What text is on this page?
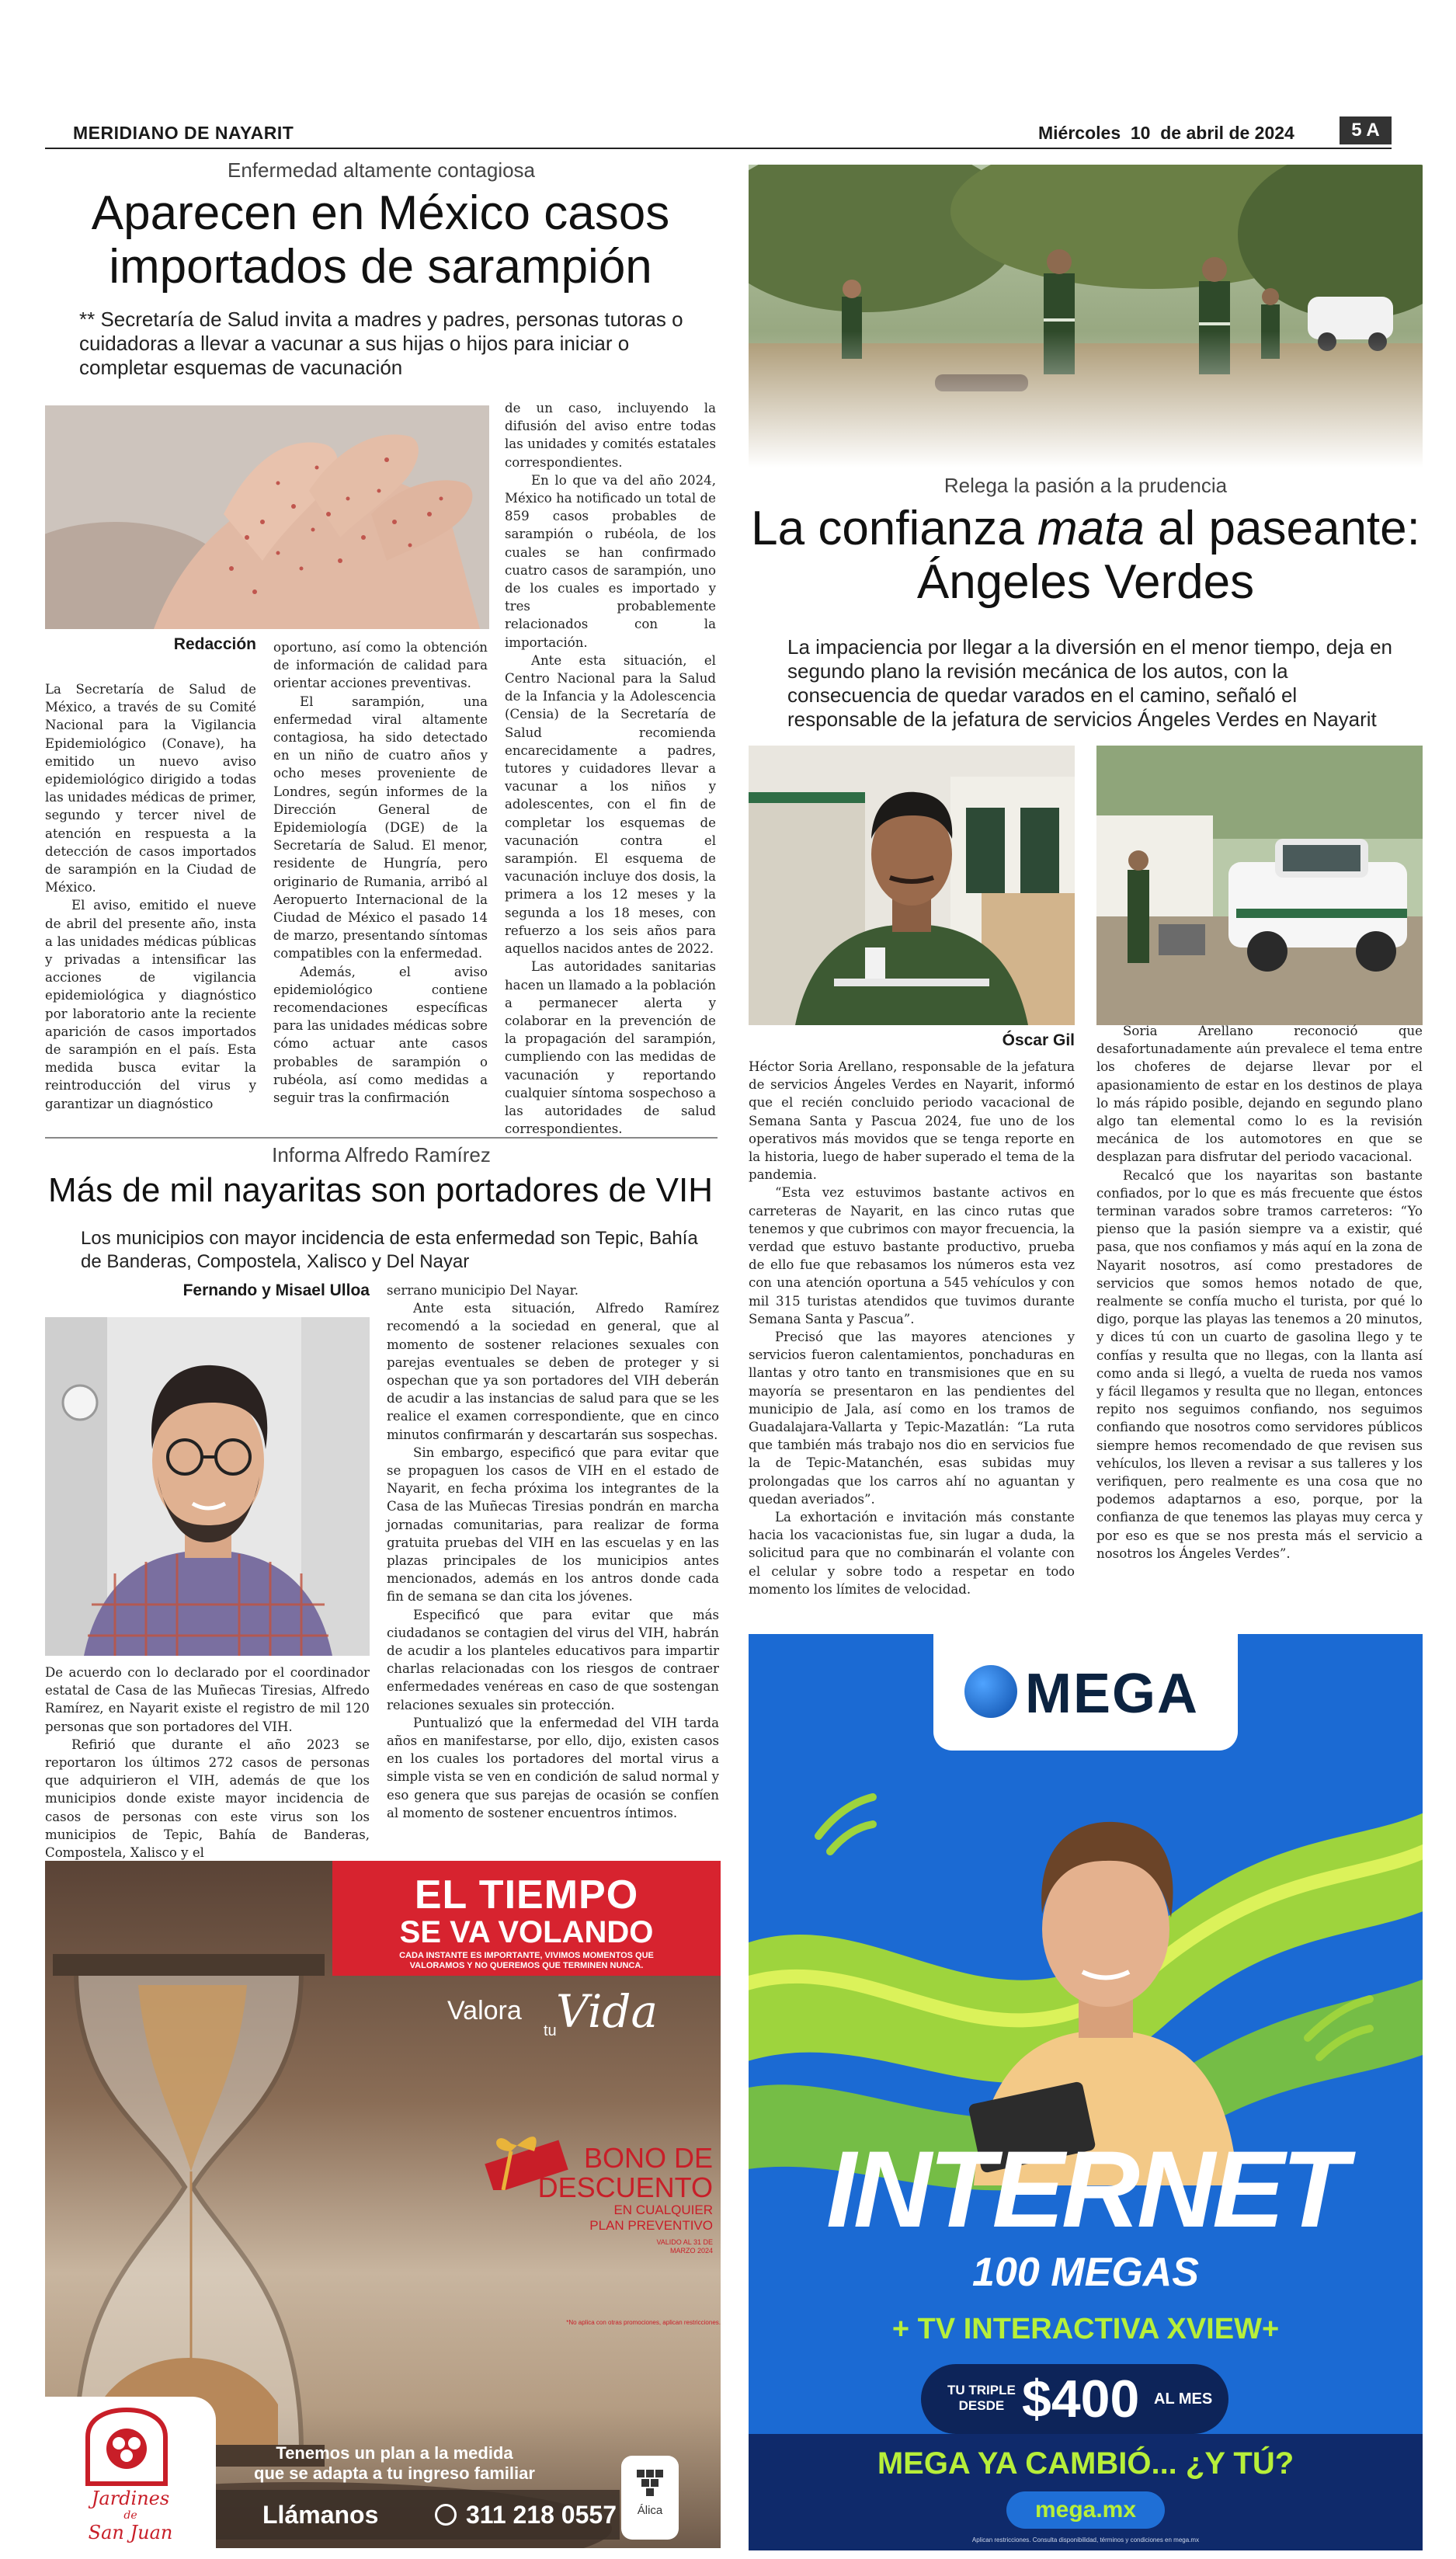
MERIDIANO DE NAYARIT	Miércoles  10  de abril de 2024	5 A
Enfermedad altamente contagiosa
Aparecen en México casos importados de sarampión
** Secretaría de Salud invita a madres y padres, personas tutoras o cuidadoras a llevar a vacunar a sus hijas o hijos para iniciar o completar esquemas de vacunación
Redacción

La Secretaría de Salud de México, a través de su Comité Nacional para la Vigilancia Epidemiológico (Conave), ha emitido un nuevo aviso epidemiológico dirigido a todas las unidades médicas de primer, segundo y tercer nivel de atención en respuesta a la detección de casos importados de sarampión en la Ciudad de México.

El aviso, emitido el nueve de abril del presente año, insta a las unidades médicas públicas y privadas a intensificar las acciones de vigilancia epidemiológica y diagnóstico por laboratorio ante la reciente aparición de casos importados de sarampión en el país. Esta medida busca evitar la reintroducción del virus y garantizar un diagnóstico

oportuno, así como la obtención de información de calidad para orientar acciones preventivas.

El sarampión, una enfermedad viral altamente contagiosa, ha sido detectado en un niño de cuatro años y ocho meses proveniente de Londres, según informes de la Dirección General de Epidemiología (DGE) de la Secretaría de Salud. El menor, residente de Hungría, pero originario de Rumania, arribó al Aeropuerto Internacional de la Ciudad de México el pasado 14 de marzo, presentando síntomas compatibles con la enfermedad.

Además, el aviso epidemiológico contiene recomendaciones específicas para las unidades médicas sobre cómo actuar ante casos probables de sarampión o rubéola, así como medidas a seguir tras la confirmación

de un caso, incluyendo la difusión del aviso entre todas las unidades y comités estatales correspondientes.

En lo que va del año 2024, México ha notificado un total de 859 casos probables de sarampión o rubéola, de los cuales se han confirmado cuatro casos de sarampión, uno de los cuales es importado y tres probablemente relacionados con la importación.

Ante esta situación, el Centro Nacional para la Salud de la Infancia y la Adolescencia (Censia) de la Secretaría de Salud recomienda encarecidamente a padres, tutores y cuidadores llevar a vacunar a los niños y adolescentes, con el fin de completar los esquemas de vacunación contra el sarampión. El esquema de vacunación incluye dos dosis, la primera a los 12 meses y la segunda a los 18 meses, con refuerzo a los seis años para aquellos nacidos antes de 2022.

Las autoridades sanitarias hacen un llamado a la población a permanecer alerta y colaborar en la prevención de la propagación del sarampión, cumpliendo con las medidas de vacunación y reportando cualquier síntoma sospechoso a las autoridades de salud correspondientes.

Informa Alfredo Ramírez
Más de mil nayaritas son portadores de VIH
Los municipios con mayor incidencia de esta enfermedad son Tepic, Bahía de Banderas, Compostela, Xalisco y Del Nayar
Fernando y Misael Ulloa

De acuerdo con lo declarado por el coordinador estatal de Casa de las Muñecas Tiresias, Alfredo Ramírez, en Nayarit existe el registro de mil 120 personas que son portadores del VIH.

Refirió que durante el año 2023 se reportaron los últimos 272 casos de personas que adquirieron el VIH, además de que los municipios donde existe mayor incidencia de casos de personas con este virus son los municipios de Tepic, Bahía de Banderas, Compostela, Xalisco y el

serrano municipio Del Nayar.

Ante esta situación, Alfredo Ramírez recomendó a la sociedad en general, que al momento de sostener relaciones sexuales con parejas eventuales se deben de proteger y si ospechan que ya son portadores del VIH deberán de acudir a las instancias de salud para que se les realice el examen correspondiente, que en cinco minutos confirmarán y descartarán sus sospechas.

Sin embargo, especificó que para evitar que se propaguen los casos de VIH en el estado de Nayarit, en fecha próxima los integrantes de la Casa de las Muñecas Tiresias pondrán en marcha jornadas comunitarias, para realizar de forma gratuita pruebas del VIH en las escuelas y en las plazas principales de los municipios antes mencionados, además en los antros donde cada fin de semana se dan cita los jóvenes.

Especificó que para evitar que más ciudadanos se contagien del virus del VIH, habrán de acudir a los planteles educativos para impartir charlas relacionadas con los riesgos de contraer enfermedades venéreas en caso de que sostengan relaciones sexuales sin protección.

Puntualizó que la enfermedad del VIH tarda años en manifestarse, por ello, dijo, existen casos en los cuales los portadores del mortal virus a simple vista se ven en condición de salud normal y eso genera que sus parejas de ocasión se confíen al momento de sostener encuentros íntimos.

Relega la pasión a la prudencia
La confianza mata al paseante: Ángeles Verdes
La impaciencia por llegar a la diversión en el menor tiempo, deja en segundo plano la revisión mecánica de los autos, con la consecuencia de quedar varados en el camino, señaló el responsable de la jefatura de servicios Ángeles Verdes en Nayarit
Óscar Gil

Héctor Soria Arellano, responsable de la jefatura de servicios Ángeles Verdes en Nayarit, informó que el recién concluido periodo vacacional de Semana Santa y Pascua 2024, fue uno de los operativos más movidos que se tenga reporte en la historia, luego de haber superado el tema de la pandemia.

“Esta vez estuvimos bastante activos en carreteras de Nayarit, en las cinco rutas que tenemos y que cubrimos con mayor frecuencia, la verdad que estuvo bastante productivo, prueba de ello fue que rebasamos los números esta vez con una atención oportuna a 545 vehículos y con mil 315 turistas atendidos que tuvimos durante Semana Santa y Pascua”.

Precisó que las mayores atenciones y servicios fueron calentamientos, ponchaduras en llantas y otro tanto en transmisiones que en su mayoría se presentaron en las pendientes del municipio de Jala, así como en los tramos de Guadalajara-Vallarta y Tepic-Mazatlán: “La ruta que también más trabajo nos dio en servicios fue la de Tepic-Matanchén, esas subidas muy prolongadas que los carros ahí no aguantan y quedan averiados”.

La exhortación e invitación más constante hacia los vacacionistas fue, sin lugar a duda, la solicitud para que no combinarán el volante con el celular y sobre todo a respetar en todo momento los límites de velocidad.

Soria Arellano reconoció que desafortunadamente aún prevalece el tema entre los choferes de dejarse llevar por el apasionamiento de estar en los destinos de playa lo más rápido posible, dejando en segundo plano algo tan elemental como lo es la revisión mecánica de los automotores en que se desplazan para disfrutar del periodo vacacional.

Recalcó que los nayaritas son bastante confiados, por lo que es más frecuente que éstos terminan varados sobre tramos carreteros: “Yo pienso que la pasión siempre va a existir, qué pasa, que nos confiamos y más aquí en la zona de Nayarit nosotros, así como prestadores de servicios que somos hemos notado de que, realmente se confía mucho el turista, por qué lo digo, porque las playas las tenemos a 20 minutos, y dices tú con un cuarto de gasolina llego y te confías y resulta que no llegas, con la llanta así como anda si llegó, a vuelta de rueda nos vamos y fácil llegamos y resulta que no llegan, entonces repito nos seguimos confiando, nos seguimos confiando que nosotros como servidores públicos siempre hemos recomendado de que revisen sus vehículos, los lleven a revisar a sus talleres y los verifiquen, pero realmente es una cosa que no podemos adaptarnos a eso, porque, por la confianza de que tenemos las playas muy cerca y por eso es que se nos presta más el servicio a nosotros los Ángeles Verdes”.

EL TIEMPO
SE VA VOLANDO
CADA INSTANTE ES IMPORTANTE, VIVIMOS MOMENTOS QUE VALORAMOS Y NO QUEREMOS QUE TERMINEN NUNCA.
Valora
tu Vida
BONO DE
DESCUENTO
EN CUALQUIER
PLAN PREVENTIVO
VALIDO AL 31 DE MARZO 2024
*No aplica con otras promociones, aplican restricciones.
Tenemos un plan a la medida
que se adapta a tu ingreso familiar
Llámanos	311 218 0557
Jardines
de
San Juan
Álica
MEGA
INTERNET
100 MEGAS
+ TV INTERACTIVA XVIEW+
TU TRIPLE
DESDE $400 AL MES
MEGA YA CAMBIÓ... ¿Y TÚ?
mega.mx
Aplican restricciones. Consulta disponibilidad, términos y condiciones en mega.mx
